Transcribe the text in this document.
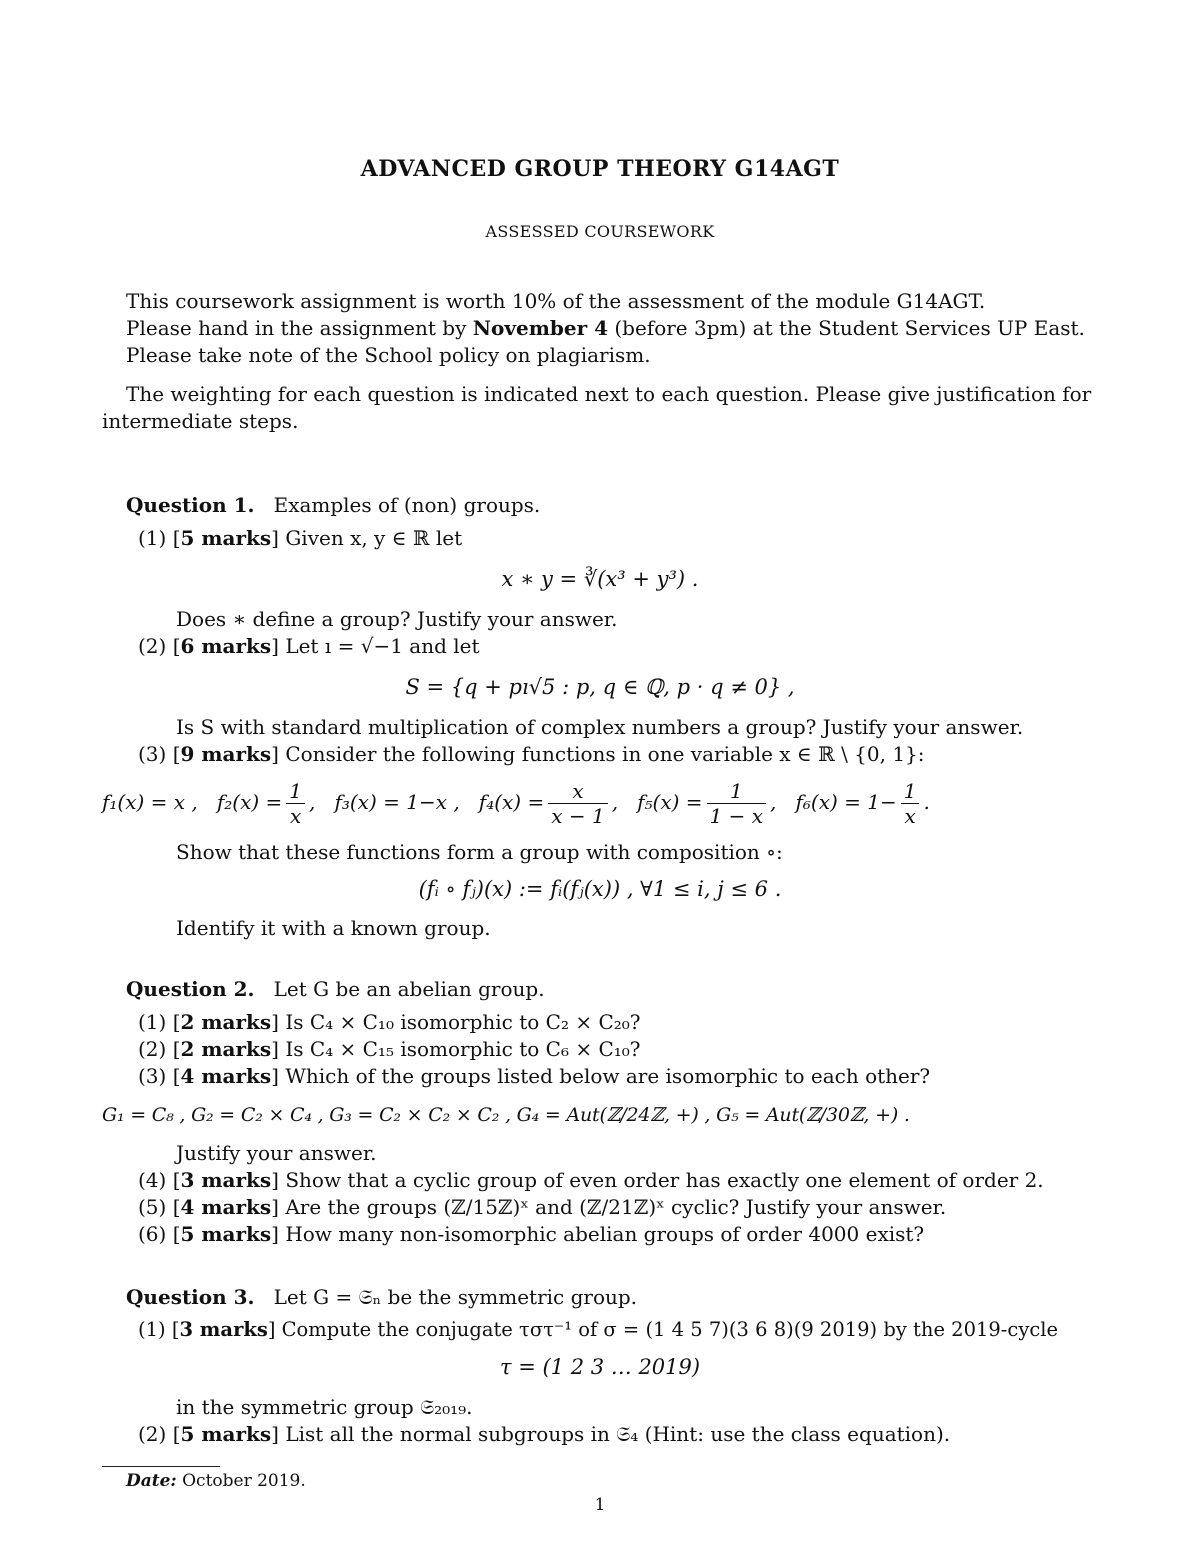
ADVANCED GROUP THEORY G14AGT
ASSESSED COURSEWORK
This coursework assignment is worth 10% of the assessment of the module G14AGT.
Please hand in the assignment by November 4 (before 3pm) at the Student Services UP East.
Please take note of the School policy on plagiarism.
The weighting for each question is indicated next to each question. Please give justification for
intermediate steps.
Question 1. Examples of (non) groups.
(1) [5 marks] Given x, y ∈ ℝ let
x ∗ y = ∛(x³ + y³) .
Does ∗ define a group? Justify your answer.
(2) [6 marks] Let ı = √−1 and let
S = {q + pı√5 : p, q ∈ ℚ, p · q ≠ 0} ,
Is S with standard multiplication of complex numbers a group? Justify your answer.
(3) [9 marks] Consider the following functions in one variable x ∈ ℝ \ {0, 1}:
f₁(x) = x , $f_2(x) = \frac{1}{x}$ , f₃(x) = 1−x , $f_4(x) = \frac{x}{x - 1}$ , $f_5(x) = \frac{1}{1 - x}$ , $f_6(x) = 1- \frac{1}{x}$ .
Show that these functions form a group with composition ∘:
(fᵢ ∘ fⱼ)(x) := fᵢ(fⱼ(x)) , ∀1 ≤ i, j ≤ 6 .
Identify it with a known group.
Question 2. Let G be an abelian group.
(1) [2 marks] Is C₄ × C₁₀ isomorphic to C₂ × C₂₀?
(2) [2 marks] Is C₄ × C₁₅ isomorphic to C₆ × C₁₀?
(3) [4 marks] Which of the groups listed below are isomorphic to each other?
G₁ = C₈ , G₂ = C₂ × C₄ , G₃ = C₂ × C₂ × C₂ , G₄ = Aut(ℤ/24ℤ, +) , G₅ = Aut(ℤ/30ℤ, +) .
Justify your answer.
(4) [3 marks] Show that a cyclic group of even order has exactly one element of order 2.
(5) [4 marks] Are the groups (ℤ/15ℤ)ˣ and (ℤ/21ℤ)ˣ cyclic? Justify your answer.
(6) [5 marks] How many non-isomorphic abelian groups of order 4000 exist?
Question 3. Let G = 𝔖ₙ be the symmetric group.
(1) [3 marks] Compute the conjugate τστ⁻¹ of σ = (1 4 5 7)(3 6 8)(9 2019) by the 2019-cycle
τ = (1 2 3 … 2019)
in the symmetric group 𝔖₂₀₁₉.
(2) [5 marks] List all the normal subgroups in 𝔖₄ (Hint: use the class equation).
Date: October 2019.
1
